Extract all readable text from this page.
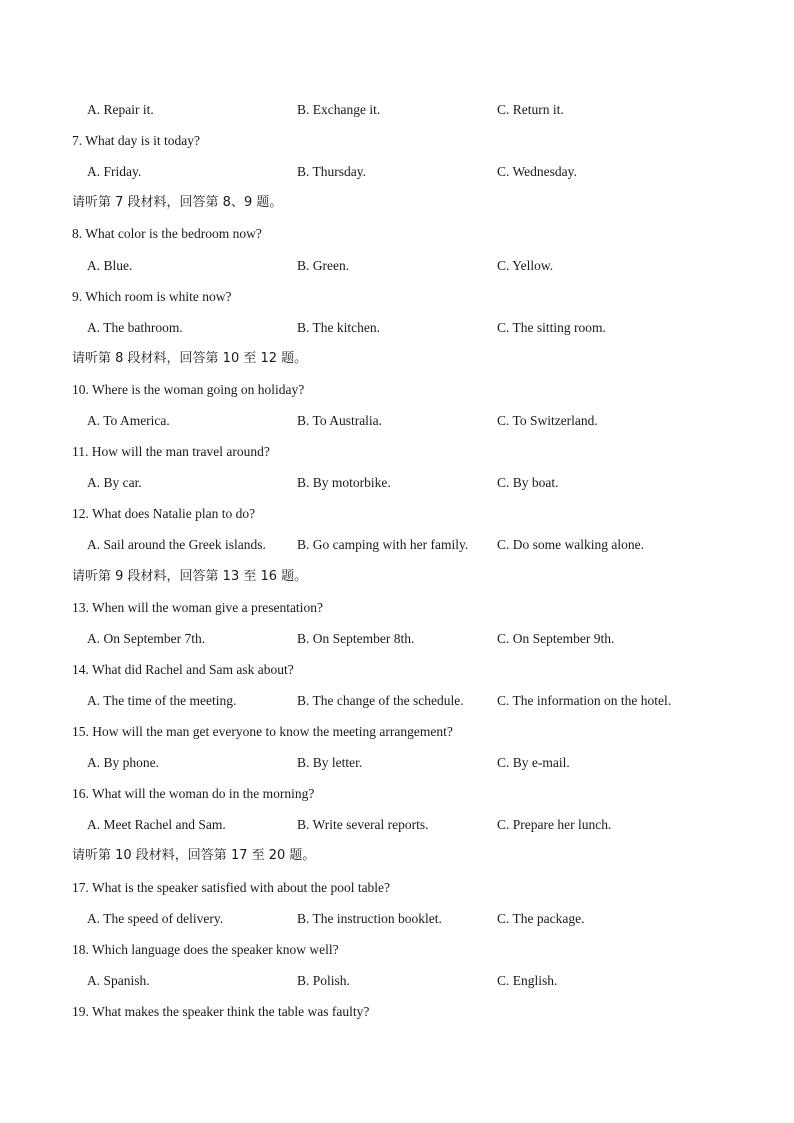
A. Repair it.	B. Exchange it.	C. Return it.
7. What day is it today?
A. Friday.	B. Thursday.	C. Wednesday.
请听第 7 段材料，回答第 8、9 题。
8. What color is the bedroom now?
A. Blue.	B. Green.	C. Yellow.
9. Which room is white now?
A. The bathroom.	B. The kitchen.	C. The sitting room.
请听第 8 段材料，回答第 10 至 12 题。
10. Where is the woman going on holiday?
A. To America.	B. To Australia.	C. To Switzerland.
11. How will the man travel around?
A. By car.	B. By motorbike.	C. By boat.
12. What does Natalie plan to do?
A. Sail around the Greek islands. B. Go camping with her family. C. Do some walking alone.
请听第 9 段材料，回答第 13 至 16 题。
13. When will the woman give a presentation?
A. On September 7th.	B. On September 8th.	C. On September 9th.
14. What did Rachel and Sam ask about?
A. The time of the meeting.	B. The change of the schedule. C. The information on the hotel.
15. How will the man get everyone to know the meeting arrangement?
A. By phone.	B. By letter.	C. By e-mail.
16. What will the woman do in the morning?
A. Meet Rachel and Sam.	B. Write several reports.	C. Prepare her lunch.
请听第 10 段材料，回答第 17 至 20 题。
17. What is the speaker satisfied with about the pool table?
A. The speed of delivery.	B. The instruction booklet.	C. The package.
18. Which language does the speaker know well?
A. Spanish.	B. Polish.	C. English.
19. What makes the speaker think the table was faulty?
